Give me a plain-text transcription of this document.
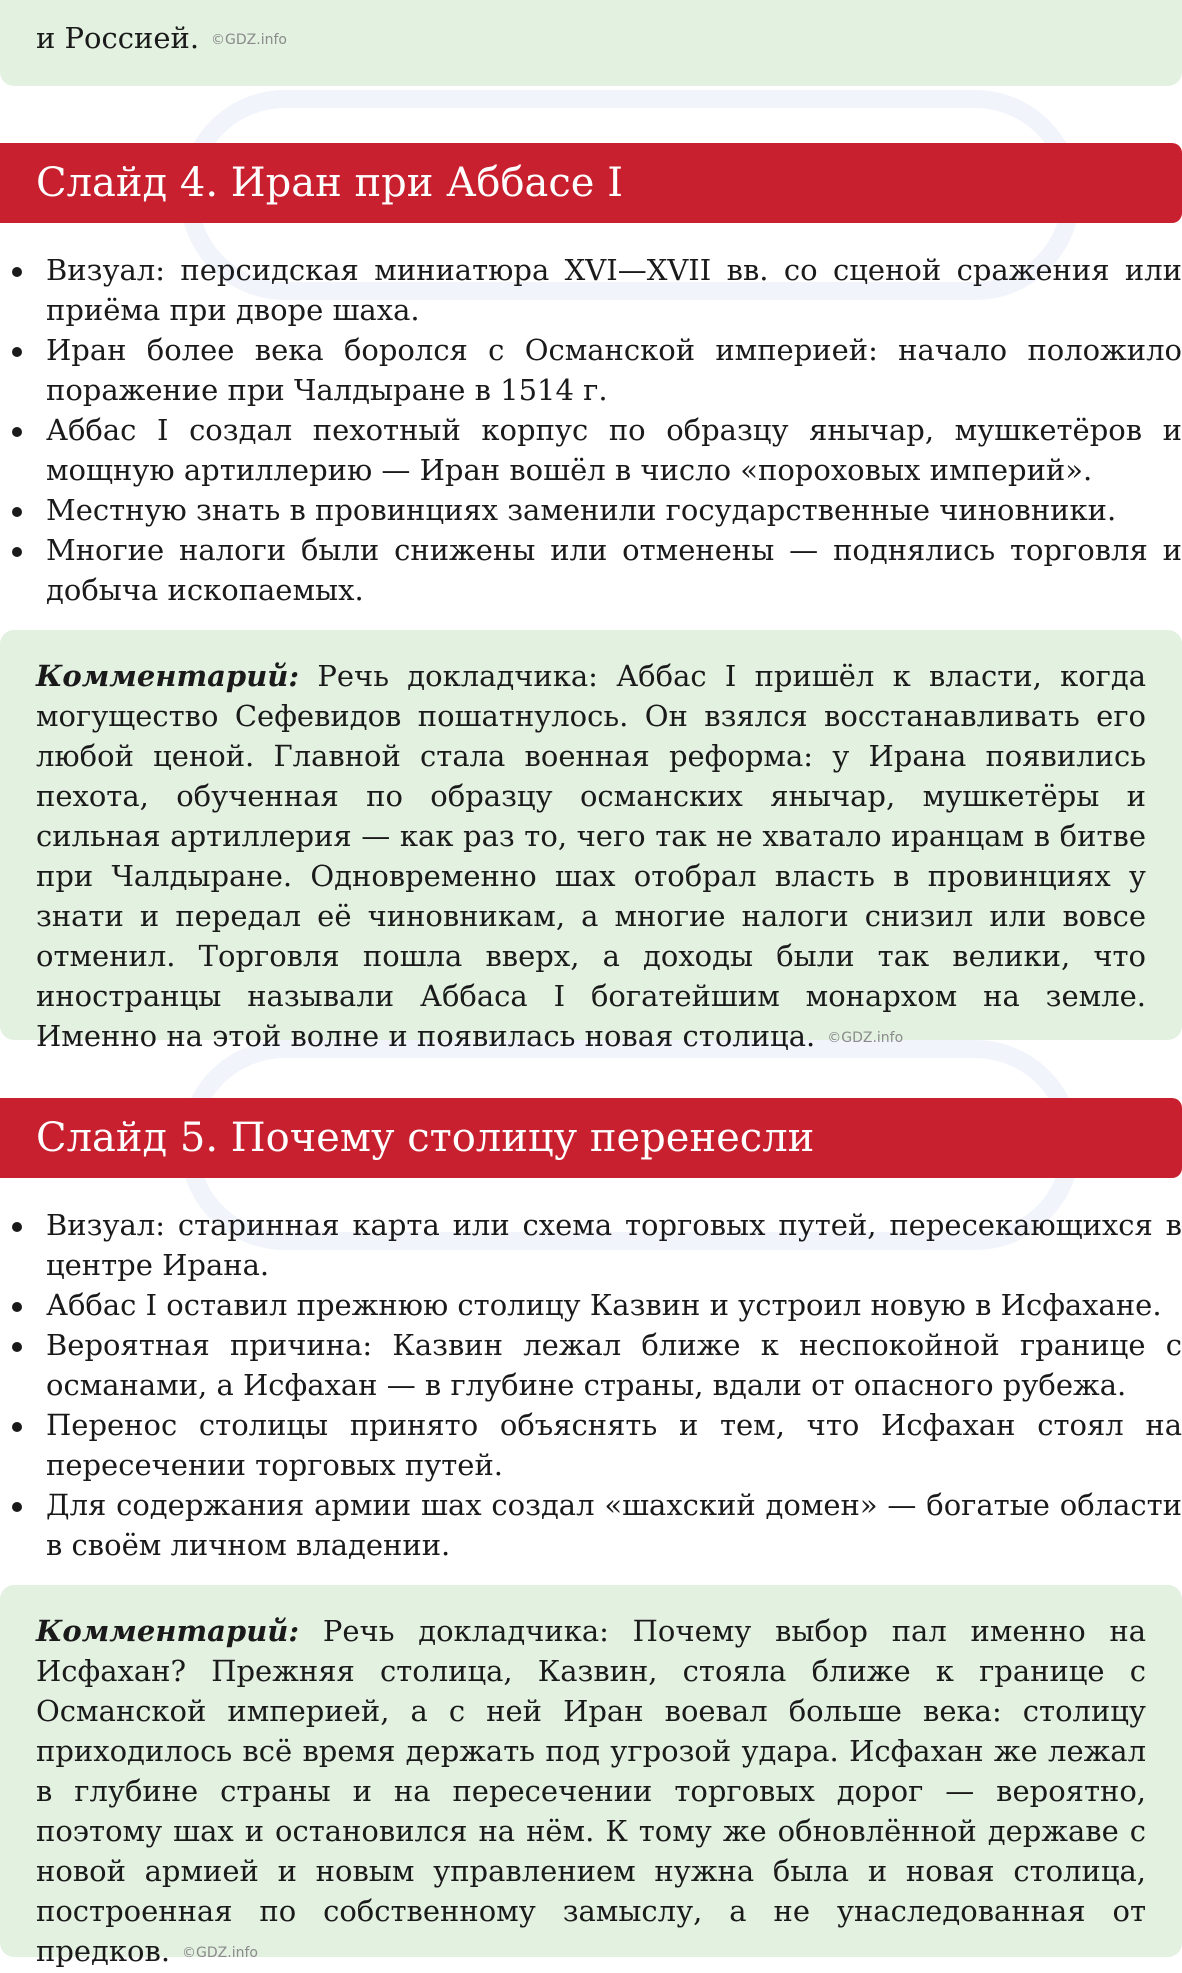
и Россией. ©GDZ.info

Слайд 4. Иран при Аббасе I
Визуал: персидская миниатюра XVI—XVII вв. со сценой сражения или приёма при дворе шаха.
Иран более века боролся с Османской империей: начало положило поражение при Чалдыране в 1514 г.
Аббас I создал пехотный корпус по образцу янычар, мушкетёров и мощную артиллерию — Иран вошёл в число «пороховых империй».
Местную знать в провинциях заменили государственные чиновники.
Многие налоги были снижены или отменены — поднялись торговля и добыча ископаемых.

Комментарий: Речь докладчика: Аббас I пришёл к власти, когда могущество Сефевидов пошатнулось. Он взялся восстанавливать его любой ценой. Главной стала военная реформа: у Ирана появились пехота, обученная по образцу османских янычар, мушкетёры и сильная артиллерия — как раз то, чего так не хватало иранцам в битве при Чалдыране. Одновременно шах отобрал власть в провинциях у знати и передал её чиновникам, а многие налоги снизил или вовсе отменил. Торговля пошла вверх, а доходы были так велики, что иностранцы называли Аббаса I богатейшим монархом на земле. Именно на этой волне и появилась новая столица. ©GDZ.info

Слайд 5. Почему столицу перенесли
Визуал: старинная карта или схема торговых путей, пересекающихся в центре Ирана.
Аббас I оставил прежнюю столицу Казвин и устроил новую в Исфахане.
Вероятная причина: Казвин лежал ближе к неспокойной границе с османами, а Исфахан — в глубине страны, вдали от опасного рубежа.
Перенос столицы принято объяснять и тем, что Исфахан стоял на пересечении торговых путей.
Для содержания армии шах создал «шахский домен» — богатые области в своём личном владении.

Комментарий: Речь докладчика: Почему выбор пал именно на Исфахан? Прежняя столица, Казвин, стояла ближе к границе с Османской империей, а с ней Иран воевал больше века: столицу приходилось всё время держать под угрозой удара. Исфахан же лежал в глубине страны и на пересечении торговых дорог — вероятно, поэтому шах и остановился на нём. К тому же обновлённой державе с новой армией и новым управлением нужна была и новая столица, построенная по собственному замыслу, а не унаследованная от предков. ©GDZ.info
